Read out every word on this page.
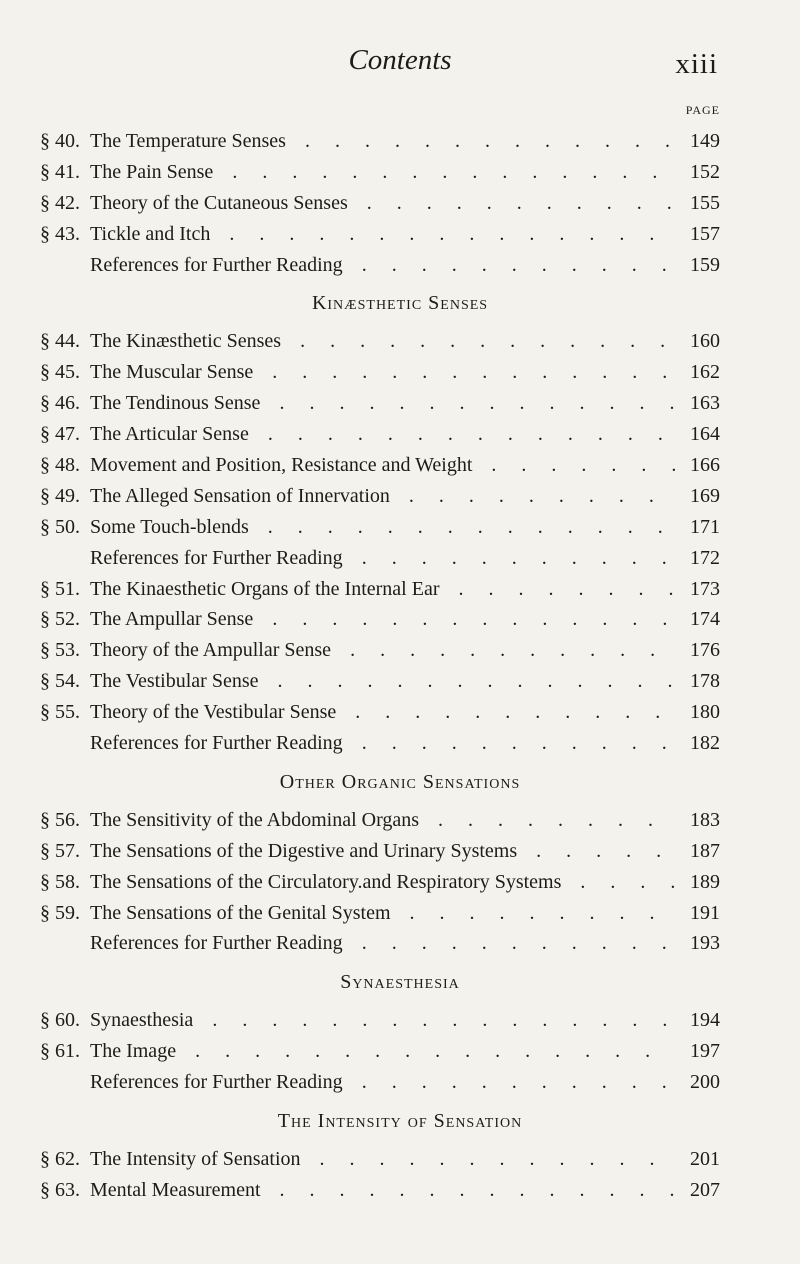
Contents	xiii
PAGE
§ 40. The Temperature Senses . . .	149
§ 41. The Pain Sense . . .	152
§ 42. Theory of the Cutaneous Senses . . .	155
§ 43. Tickle and Itch . . .	157
References for Further Reading . . .	159
Kinæsthetic Senses
§ 44. The Kinæsthetic Senses . . .	160
§ 45. The Muscular Sense . . .	162
§ 46. The Tendinous Sense . . .	163
§ 47. The Articular Sense . . .	164
§ 48. Movement and Position, Resistance and Weight . . .	166
§ 49. The Alleged Sensation of Innervation . . .	169
§ 50. Some Touch-blends . . .	171
References for Further Reading . . .	172
§ 51. The Kinaesthetic Organs of the Internal Ear . . .	173
§ 52. The Ampullar Sense . . .	174
§ 53. Theory of the Ampullar Sense . . .	176
§ 54. The Vestibular Sense . . .	178
§ 55. Theory of the Vestibular Sense . . .	180
References for Further Reading . . .	182
Other Organic Sensations
§ 56. The Sensitivity of the Abdominal Organs . . .	183
§ 57. The Sensations of the Digestive and Urinary Systems . . .	187
§ 58. The Sensations of the Circulatory.and Respiratory Systems . . .	189
§ 59. The Sensations of the Genital System . . .	191
References for Further Reading . . .	193
Synaesthesia
§ 60. Synaesthesia . . .	194
§ 61. The Image . . .	197
References for Further Reading . . .	200
The Intensity of Sensation
§ 62. The Intensity of Sensation . . .	201
§ 63. Mental Measurement . . .	207
